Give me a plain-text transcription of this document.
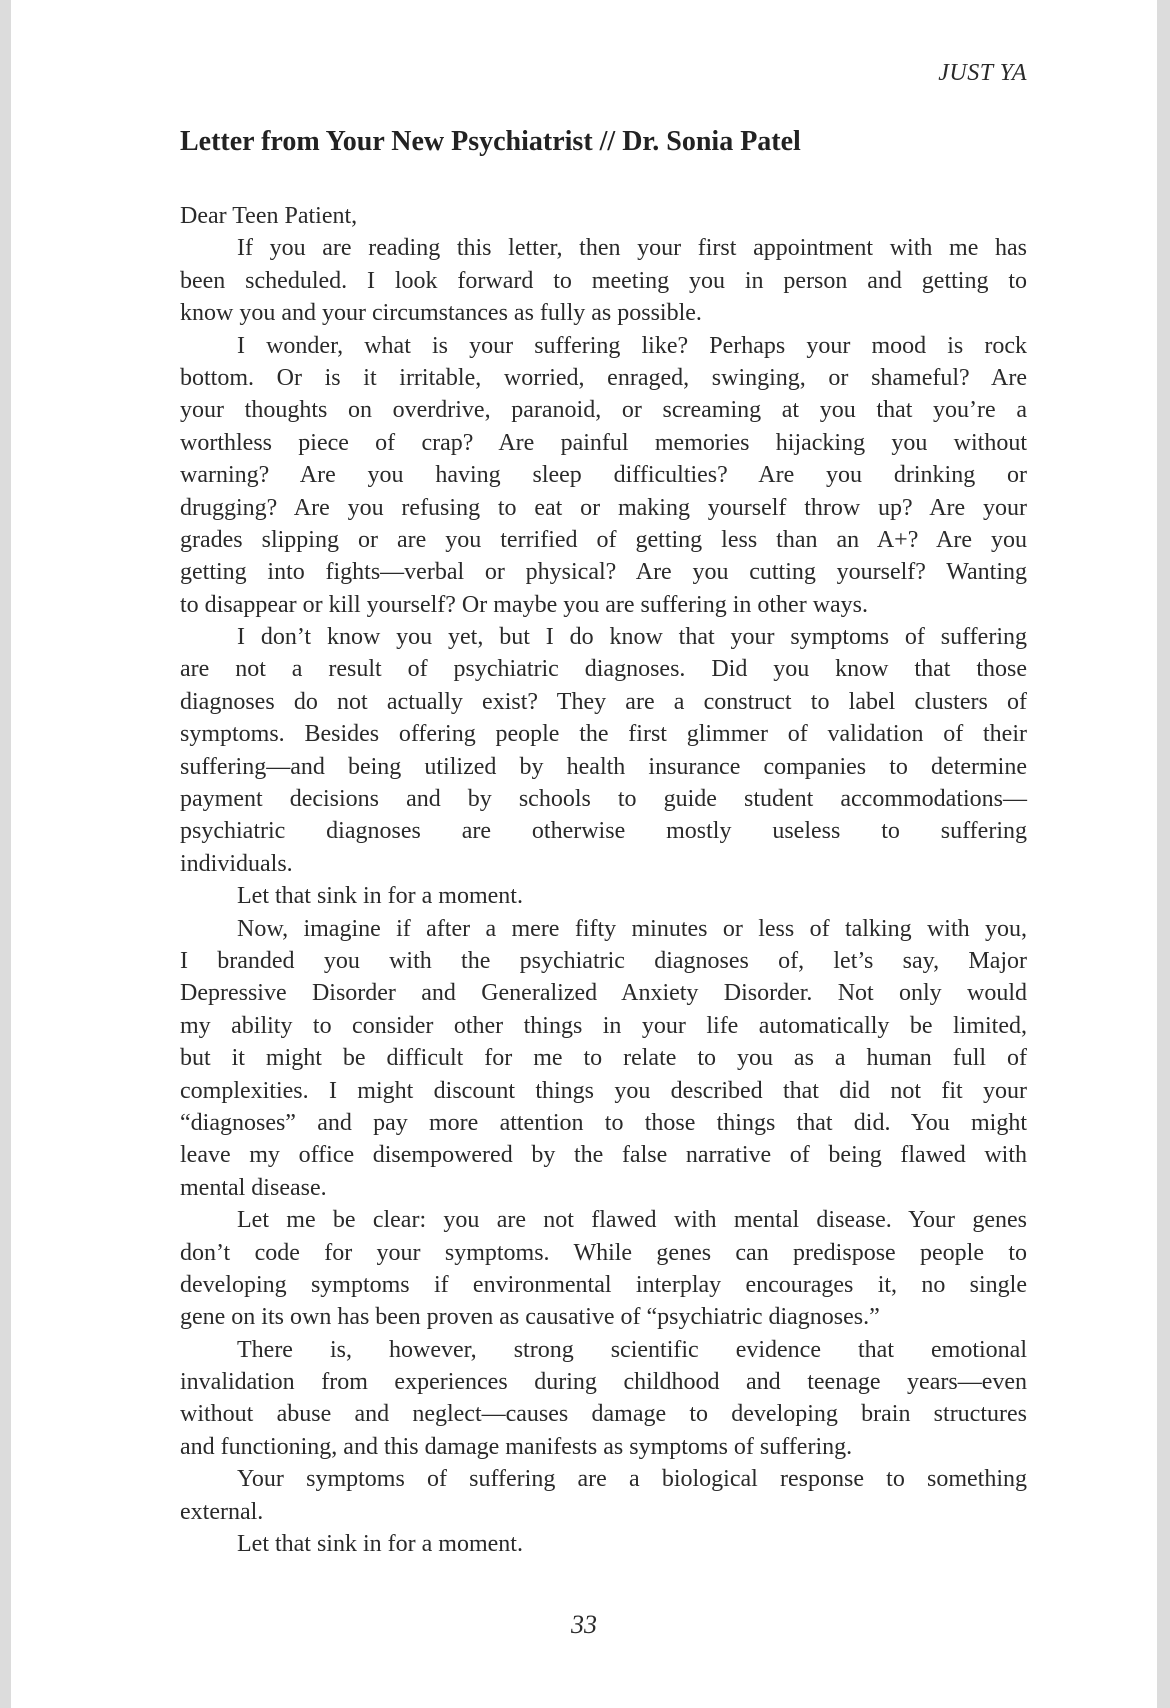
JUST YA
Letter from Your New Psychiatrist // Dr. Sonia Patel
Dear Teen Patient,
If you are reading this letter, then your first appointment with me has
been scheduled. I look forward to meeting you in person and getting to
know you and your circumstances as fully as possible.
I wonder, what is your suffering like? Perhaps your mood is rock
bottom. Or is it irritable, worried, enraged, swinging, or shameful? Are
your thoughts on overdrive, paranoid, or screaming at you that you’re a
worthless piece of crap? Are painful memories hijacking you without
warning? Are you having sleep difficulties? Are you drinking or
drugging? Are you refusing to eat or making yourself throw up? Are your
grades slipping or are you terrified of getting less than an A+? Are you
getting into fights—verbal or physical? Are you cutting yourself? Wanting
to disappear or kill yourself? Or maybe you are suffering in other ways.
I don’t know you yet, but I do know that your symptoms of suffering
are not a result of psychiatric diagnoses. Did you know that those
diagnoses do not actually exist? They are a construct to label clusters of
symptoms. Besides offering people the first glimmer of validation of their
suffering—and being utilized by health insurance companies to determine
payment decisions and by schools to guide student accommodations—
psychiatric diagnoses are otherwise mostly useless to suffering
individuals.
Let that sink in for a moment.
Now, imagine if after a mere fifty minutes or less of talking with you,
I branded you with the psychiatric diagnoses of, let’s say, Major
Depressive Disorder and Generalized Anxiety Disorder. Not only would
my ability to consider other things in your life automatically be limited,
but it might be difficult for me to relate to you as a human full of
complexities. I might discount things you described that did not fit your
“diagnoses” and pay more attention to those things that did. You might
leave my office disempowered by the false narrative of being flawed with
mental disease.
Let me be clear: you are not flawed with mental disease. Your genes
don’t code for your symptoms. While genes can predispose people to
developing symptoms if environmental interplay encourages it, no single
gene on its own has been proven as causative of “psychiatric diagnoses.”
There is, however, strong scientific evidence that emotional
invalidation from experiences during childhood and teenage years—even
without abuse and neglect—causes damage to developing brain structures
and functioning, and this damage manifests as symptoms of suffering.
Your symptoms of suffering are a biological response to something
external.
Let that sink in for a moment.
33
